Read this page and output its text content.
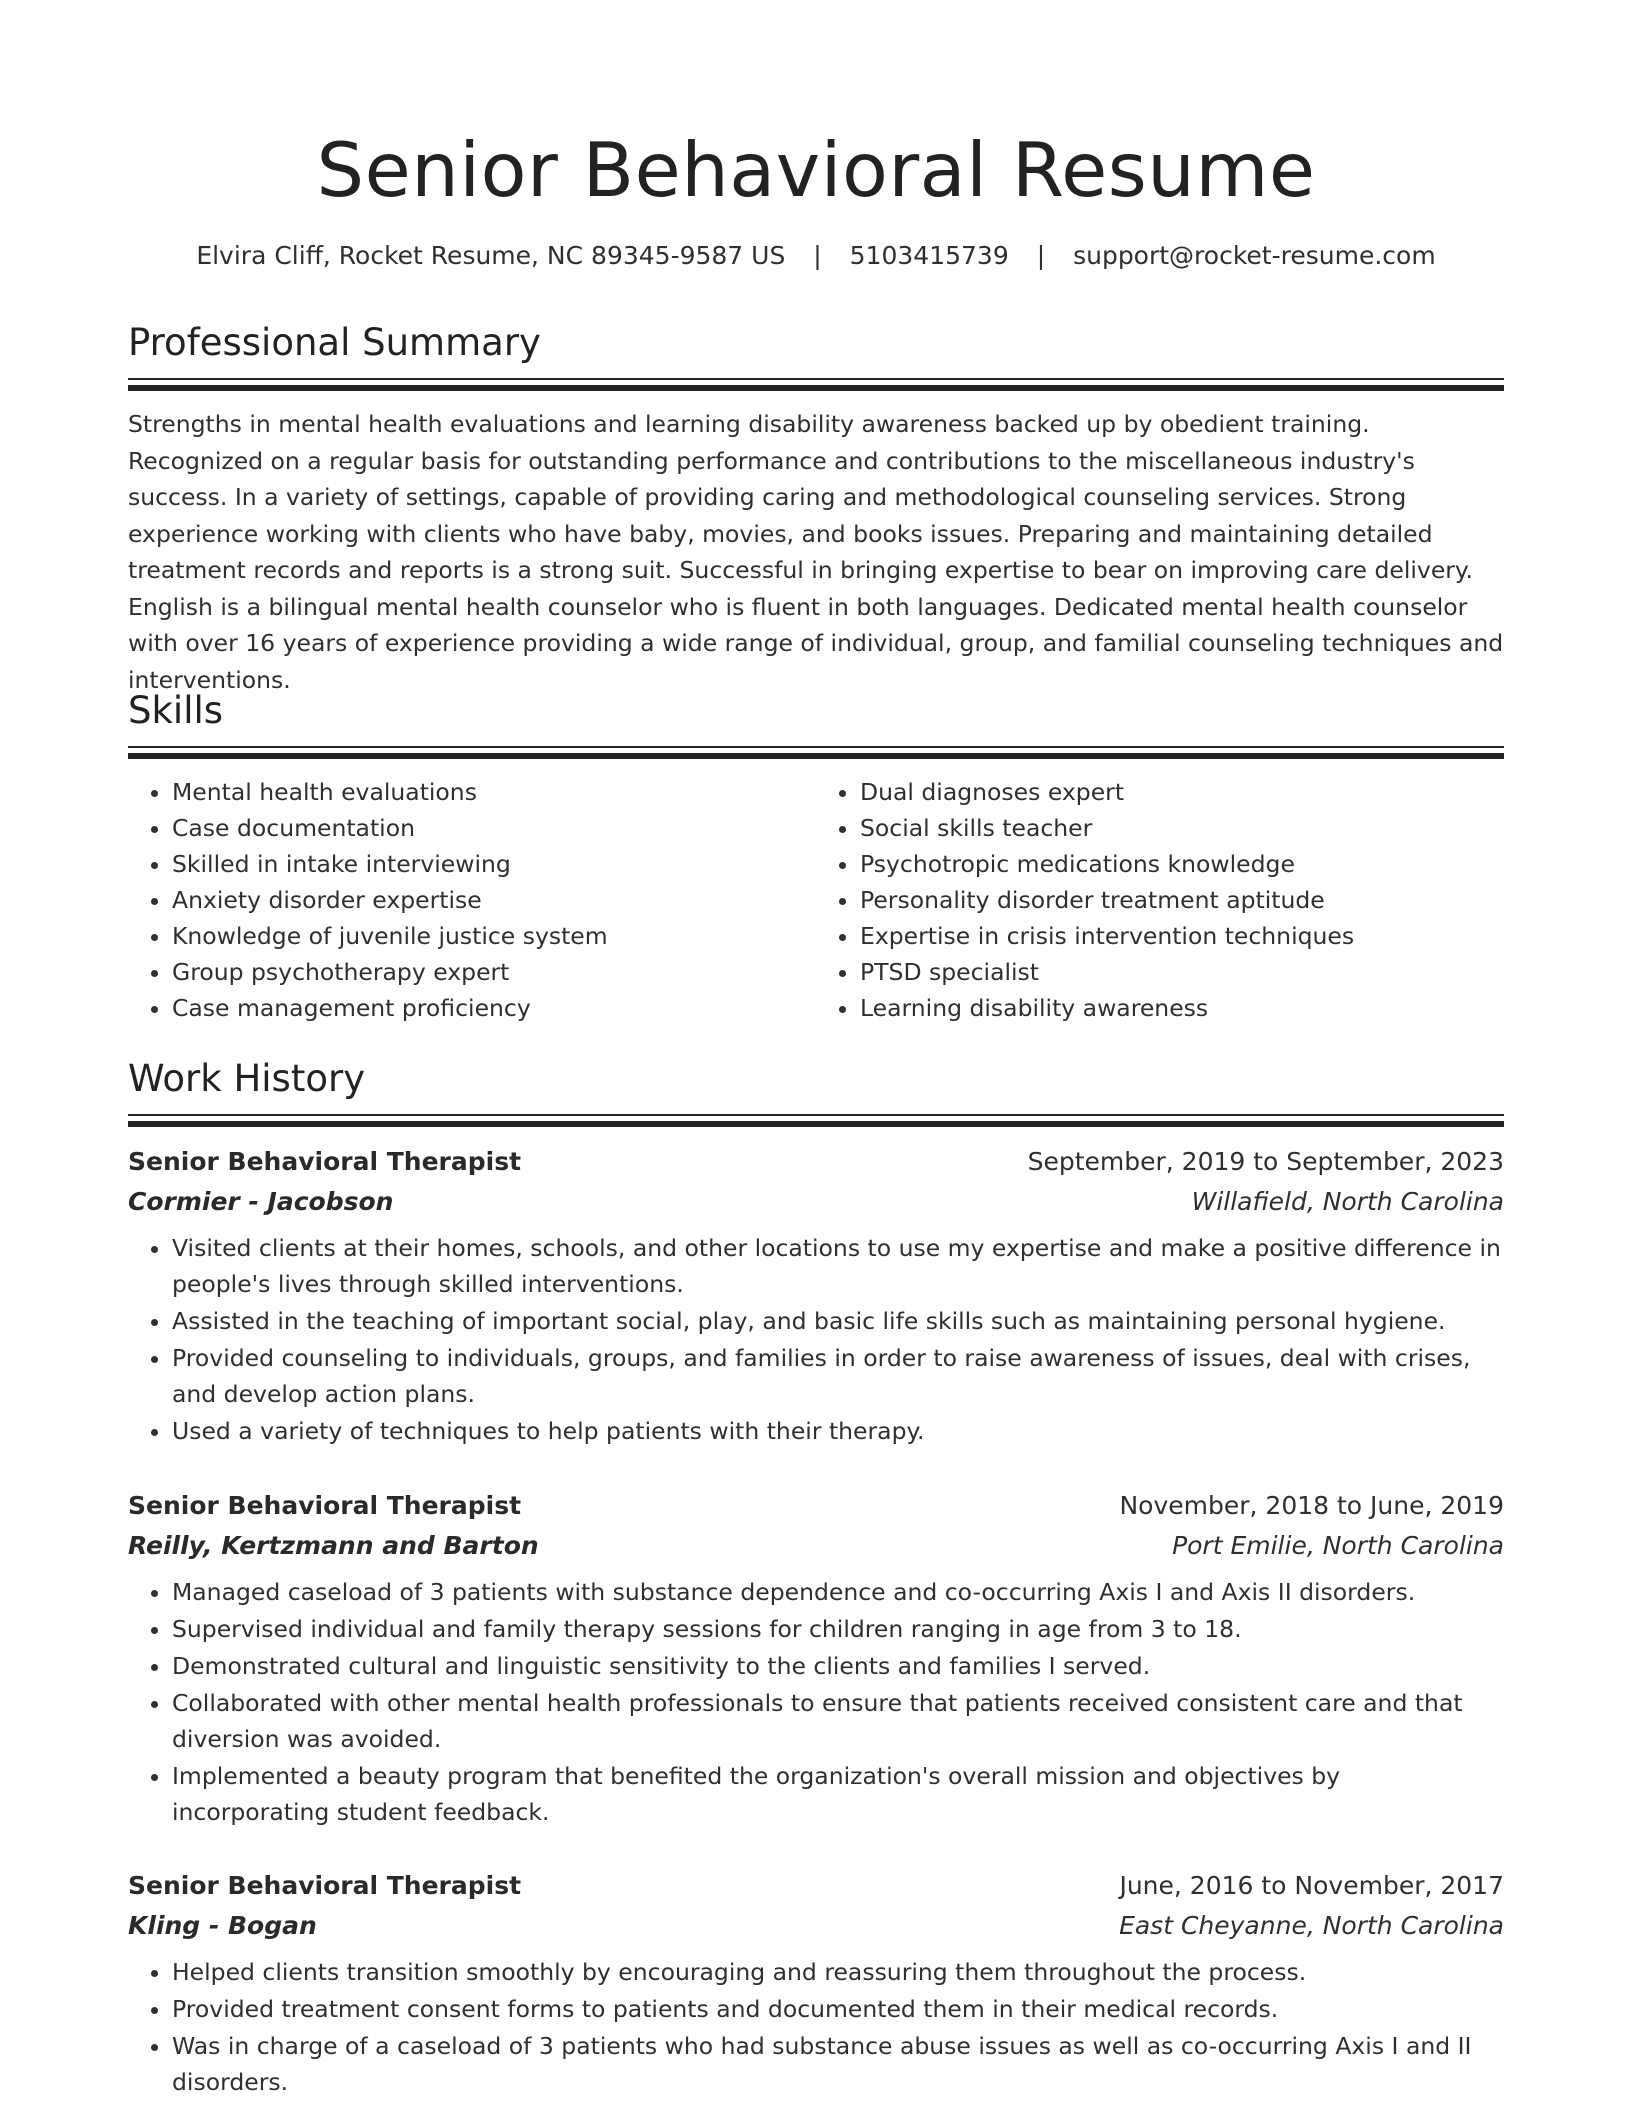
Senior Behavioral Resume
Elvira Cliff, Rocket Resume, NC 89345-9587 US | 5103415739 | support@rocket-resume.com
Professional Summary

Strengths in mental health evaluations and learning disability awareness backed up by obedient training. Recognized on a regular basis for outstanding performance and contributions to the miscellaneous industry's success. In a variety of settings, capable of providing caring and methodological counseling services. Strong experience working with clients who have baby, movies, and books issues. Preparing and maintaining detailed treatment records and reports is a strong suit. Successful in bringing expertise to bear on improving care delivery. English is a bilingual mental health counselor who is fluent in both languages. Dedicated mental health counselor with over 16 years of experience providing a wide range of individual, group, and familial counseling techniques and interventions.

Skills
• Mental health evaluations
• Case documentation
• Skilled in intake interviewing
• Anxiety disorder expertise
• Knowledge of juvenile justice system
• Group psychotherapy expert
• Case management proficiency
• Dual diagnoses expert
• Social skills teacher
• Psychotropic medications knowledge
• Personality disorder treatment aptitude
• Expertise in crisis intervention techniques
• PTSD specialist
• Learning disability awareness
Work History
Senior Behavioral Therapist	September, 2019 to September, 2023
Cormier - Jacobson	Willafield, North Carolina
• Visited clients at their homes, schools, and other locations to use my expertise and make a positive difference in people's lives through skilled interventions.
• Assisted in the teaching of important social, play, and basic life skills such as maintaining personal hygiene.
• Provided counseling to individuals, groups, and families in order to raise awareness of issues, deal with crises, and develop action plans.
• Used a variety of techniques to help patients with their therapy.
Senior Behavioral Therapist	November, 2018 to June, 2019
Reilly, Kertzmann and Barton	Port Emilie, North Carolina
• Managed caseload of 3 patients with substance dependence and co-occurring Axis I and Axis II disorders.
• Supervised individual and family therapy sessions for children ranging in age from 3 to 18.
• Demonstrated cultural and linguistic sensitivity to the clients and families I served.
• Collaborated with other mental health professionals to ensure that patients received consistent care and that diversion was avoided.
• Implemented a beauty program that benefited the organization's overall mission and objectives by incorporating student feedback.
Senior Behavioral Therapist	June, 2016 to November, 2017
Kling - Bogan	East Cheyanne, North Carolina
• Helped clients transition smoothly by encouraging and reassuring them throughout the process.
• Provided treatment consent forms to patients and documented them in their medical records.
• Was in charge of a caseload of 3 patients who had substance abuse issues as well as co-occurring Axis I and II disorders.
